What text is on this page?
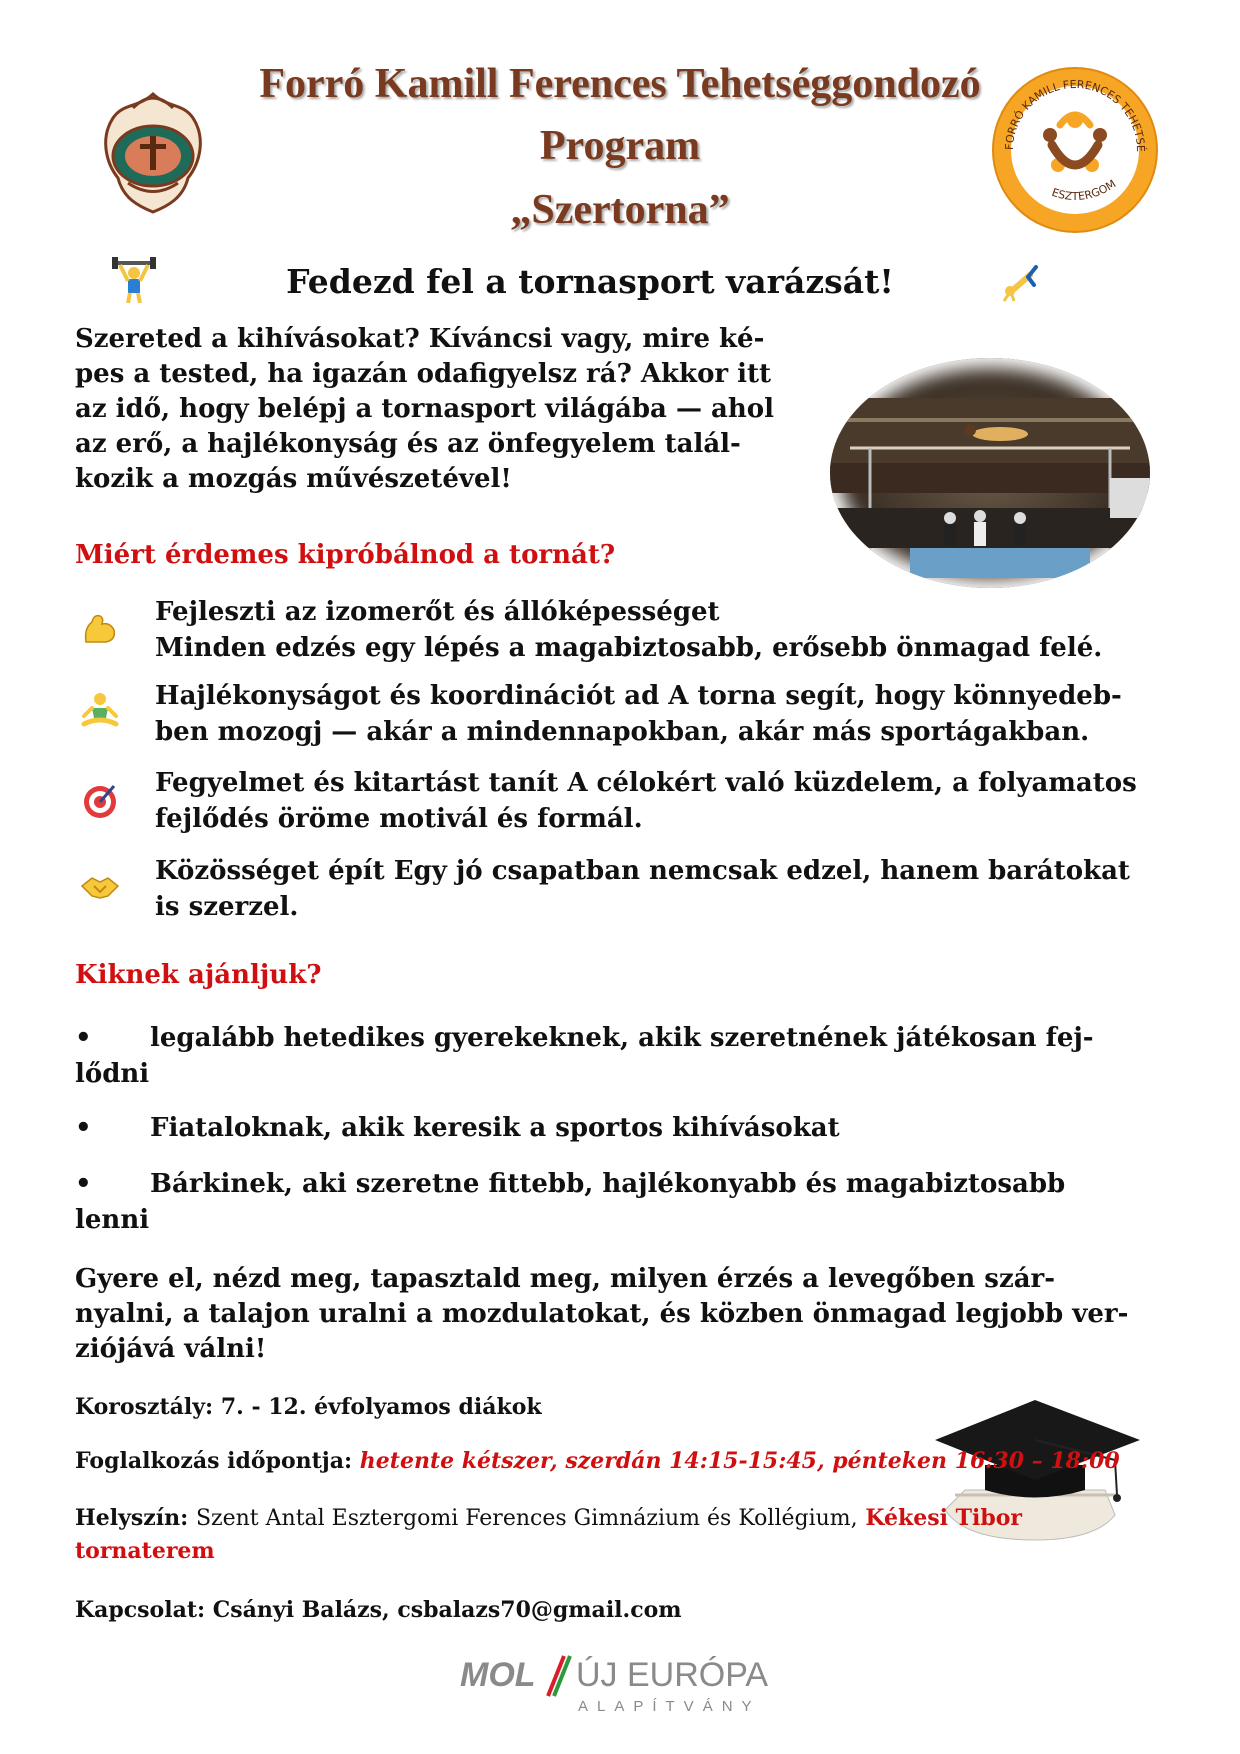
Forró Kamill Ferences Tehetséggondozó
Program
„Szertorna”
FORRÓ KAMILL FERENCES TEHETSÉ
ESZTERGOM
Fedezd fel a tornasport varázsát!
Szereted a kihívásokat? Kíváncsi vagy, mire ké-
pes a tested, ha igazán odafigyelsz rá? Akkor itt
az idő, hogy belépj a tornasport világába — ahol
az erő, a hajlékonyság és az önfegyelem talál-
kozik a mozgás művészetével!
Miért érdemes kipróbálnod a tornát?
Fejleszti az izomerőt és állóképességet
Minden edzés egy lépés a magabiztosabb, erősebb önmagad felé.
Hajlékonyságot és koordinációt ad A torna segít, hogy könnyedeb-
ben mozogj — akár a mindennapokban, akár más sportágakban.
Fegyelmet és kitartást tanít A célokért való küzdelem, a folyamatos
fejlődés öröme motivál és formál.
Közösséget épít Egy jó csapatban nemcsak edzel, hanem barátokat
is szerzel.
Kiknek ajánljuk?
• legalább hetedikes gyerekeknek, akik szeretnének játékosan fej-
lődni
• Fiataloknak, akik keresik a sportos kihívásokat
• Bárkinek, aki szeretne fittebb, hajlékonyabb és magabiztosabb
lenni
Gyere el, nézd meg, tapasztald meg, milyen érzés a levegőben szár-
nyalni, a talajon uralni a mozdulatokat, és közben önmagad legjobb ver-
ziójává válni!
Korosztály: 7. - 12. évfolyamos diákok
Foglalkozás időpontja: hetente kétszer, szerdán 14:15-15:45, pénteken 16:30 – 18:00
Helyszín: Szent Antal Esztergomi Ferences Gimnázium és Kollégium, Kékesi Tibor
tornaterem
Kapcsolat: Csányi Balázs, csbalazs70@gmail.com
MOL ÚJ EURÓPA
ALAPÍTVÁNY
